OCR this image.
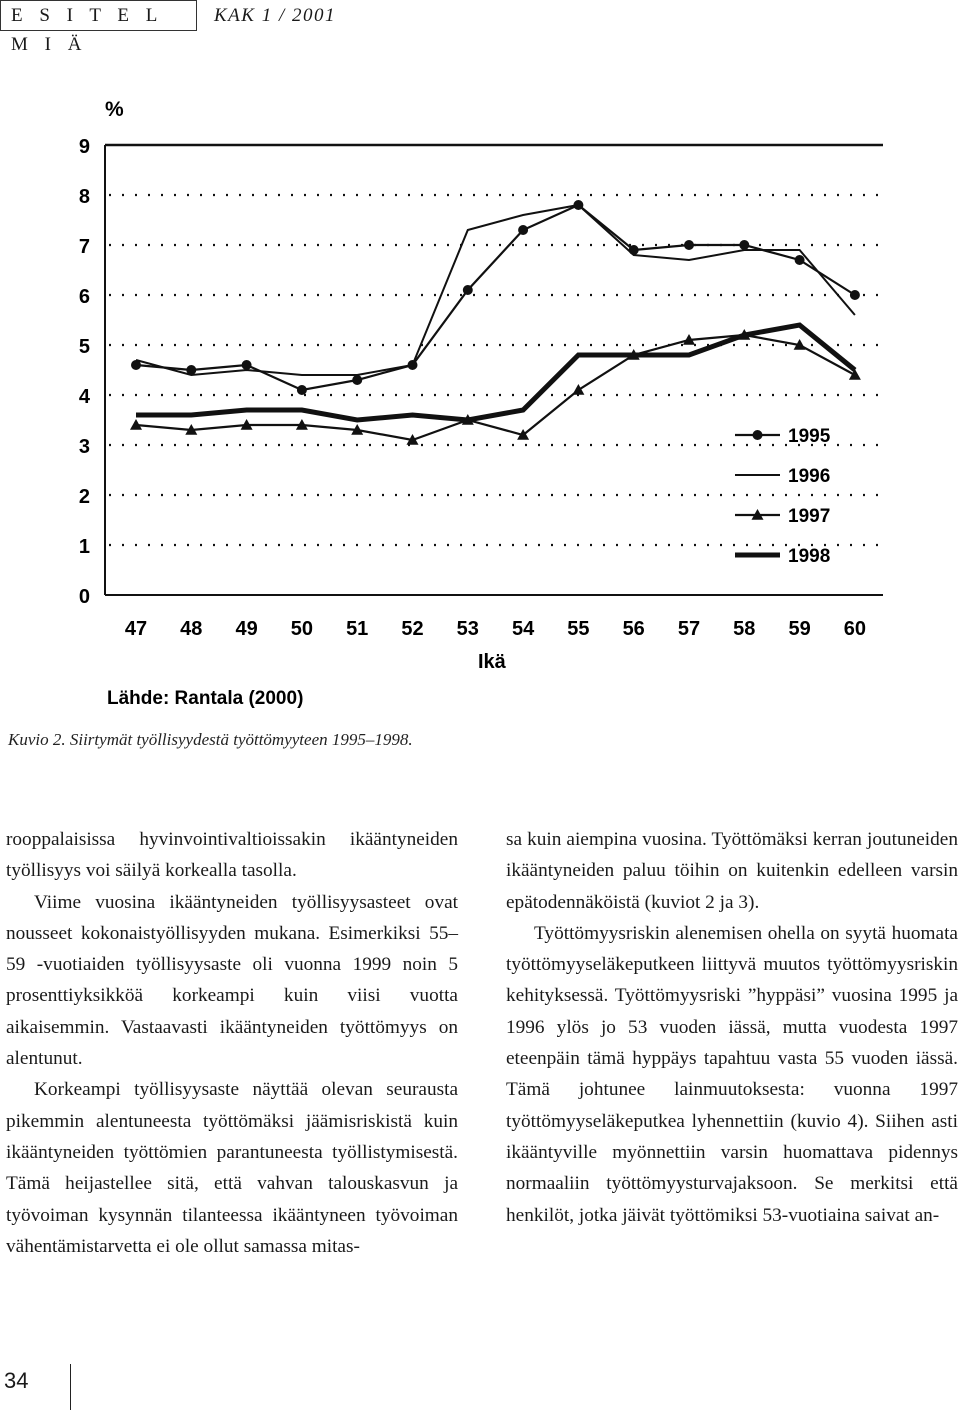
E S I T E L M I Ä
KAK 1 / 2001
0
1
2
3
4
5
6
7
8
9
47 48 49 50 51 52 53 54 55 56 57 58 59 60
1995
1996
1997
1998
%
Ikä
Lähde: Rantala (2000)
Kuvio 2. Siirtymät työllisyydestä työttömyyteen 1995–1998.

rooppalaisissa hyvinvointivaltioissakin ikääntyneiden työllisyys voi säilyä korkealla tasolla.

Viime vuosina ikääntyneiden työllisyysasteet ovat nousseet kokonaistyöllisyyden mukana. Esimerkiksi 55–59 -vuotiaiden työllisyysaste oli vuonna 1999 noin 5 prosenttiyksikköä korkeampi kuin viisi vuotta aikaisemmin. Vastaavasti ikääntyneiden työttömyys on alentunut.

Korkeampi työllisyysaste näyttää olevan seurausta pikemmin alentuneesta työttömäksi jäämisriskistä kuin ikääntyneiden työttömien parantuneesta työllistymisestä. Tämä heijastellee sitä, että vahvan talouskasvun ja työvoiman kysynnän tilanteessa ikääntyneen työvoiman vähentämistarvetta ei ole ollut samassa mitas-

sa kuin aiempina vuosina. Työttömäksi kerran joutuneiden ikääntyneiden paluu töihin on kuitenkin edelleen varsin epätodennäköistä (kuviot 2 ja 3).

Työttömyysriskin alenemisen ohella on syytä huomata työttömyyseläkeputkeen liittyvä muutos työttömyysriskin kehityksessä. Työttömyysriski ”hyppäsi” vuosina 1995 ja 1996 ylös jo 53 vuoden iässä, mutta vuodesta 1997 eteenpäin tämä hyppäys tapahtuu vasta 55 vuoden iässä. Tämä johtunee lainmuutoksesta: vuonna 1997 työttömyyseläkeputkea lyhennettiin (kuvio 4). Siihen asti ikääntyville myönnettiin varsin huomattava pidennys normaaliin työttömyysturvajaksoon. Se merkitsi että henkilöt, jotka jäivät työttömiksi 53-vuotiaina saivat an-

34
